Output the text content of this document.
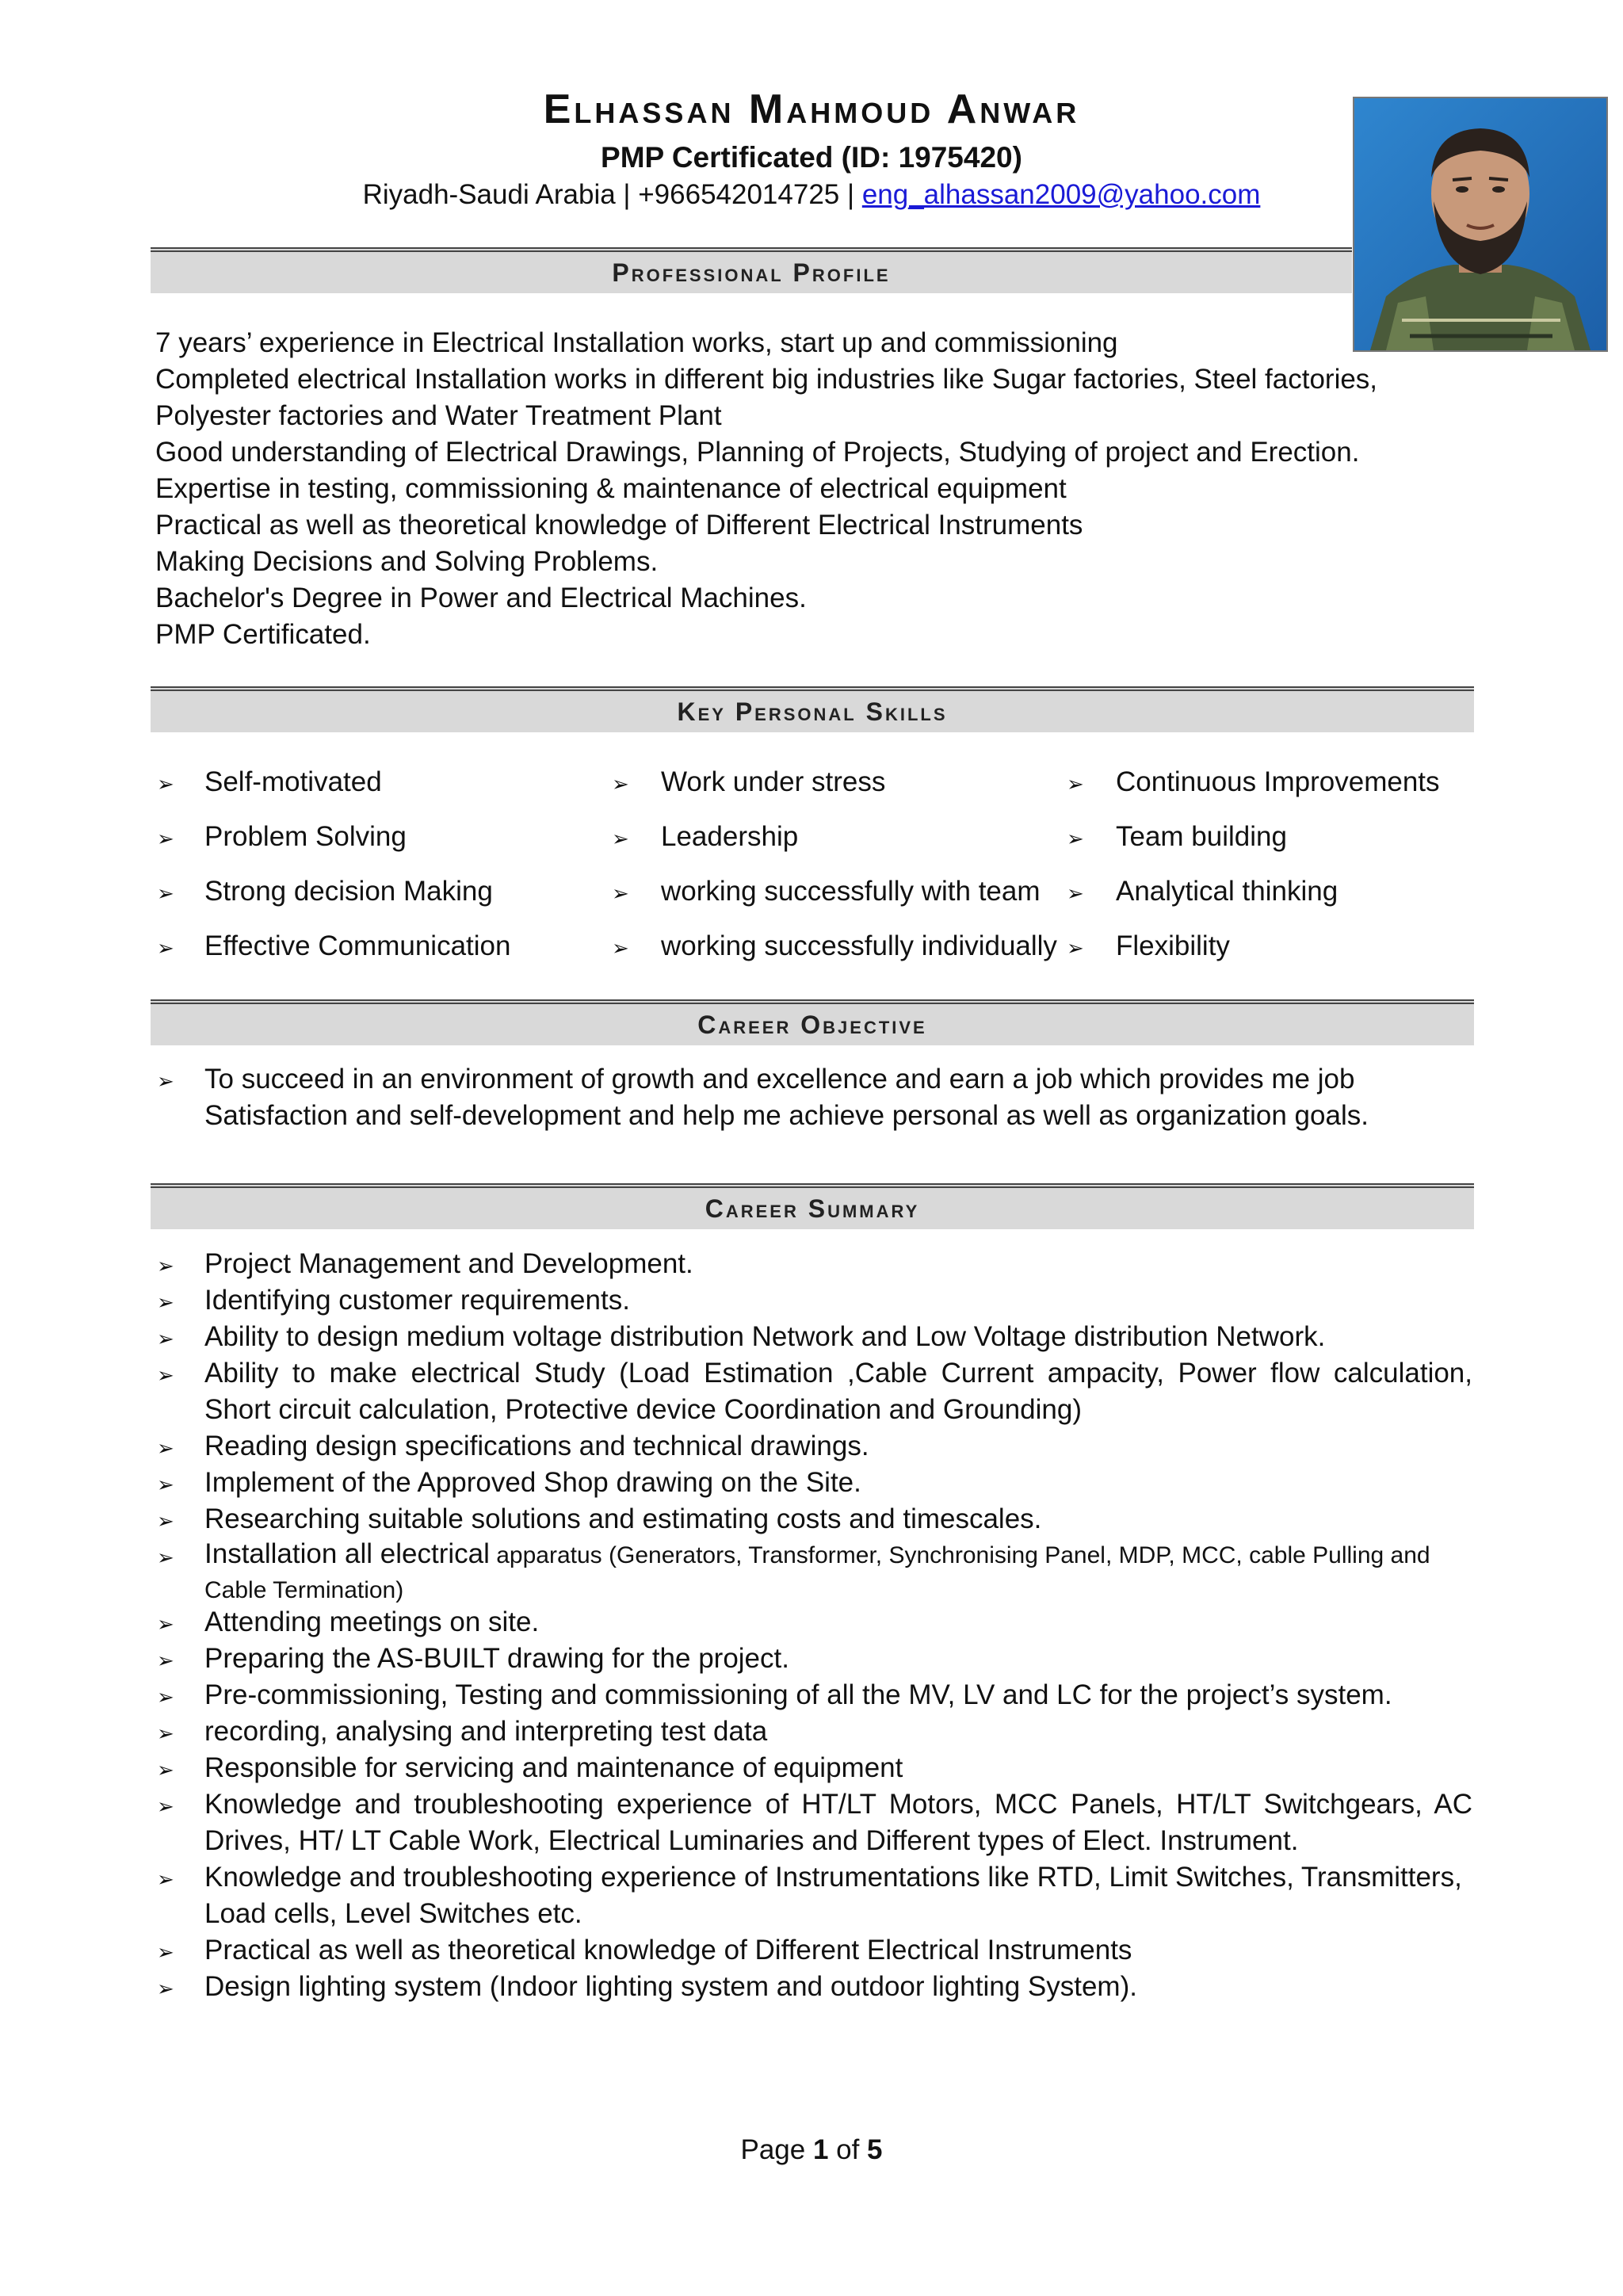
Elhassan Mahmoud Anwar
PMP Certificated (ID: 1975420)
Riyadh-Saudi Arabia | +966542014725 | eng_alhassan2009@yahoo.com
Professional Profile
7 years’ experience in Electrical Installation works, start up and commissioning
Completed electrical Installation works in different big industries like Sugar factories, Steel factories,
Polyester factories and Water Treatment Plant
Good understanding of Electrical Drawings, Planning of Projects, Studying of project and Erection.
Expertise in testing, commissioning & maintenance of electrical equipment
Practical as well as theoretical knowledge of Different Electrical Instruments
Making Decisions and Solving Problems.
Bachelor's Degree in Power and Electrical Machines.
PMP Certificated.
Key Personal Skills
➢ Self-motivated
➢ Problem Solving
➢ Strong decision Making
➢ Effective Communication
➢ Work under stress
➢ Leadership
➢ working successfully with team
➢ working successfully individually
➢ Continuous Improvements
➢ Team building
➢ Analytical thinking
➢ Flexibility
Career Objective
➢ To succeed in an environment of growth and excellence and earn a job which provides me job
Satisfaction and self-development and help me achieve personal as well as organization goals.
Career Summary
➢ Project Management and Development.
➢ Identifying customer requirements.
➢ Ability to design medium voltage distribution Network and Low Voltage distribution Network.
➢ Ability to make electrical Study (Load Estimation ,Cable Current ampacity, Power flow calculation, Short circuit calculation, Protective device Coordination and Grounding)
➢ Reading design specifications and technical drawings.
➢ Implement of the Approved Shop drawing on the Site.
➢ Researching suitable solutions and estimating costs and timescales.
➢ Installation all electrical apparatus (Generators, Transformer, Synchronising Panel, MDP, MCC, cable Pulling and Cable Termination)
➢ Attending meetings on site.
➢ Preparing the AS-BUILT drawing for the project.
➢ Pre-commissioning, Testing and commissioning of all the MV, LV and LC for the project’s system.
➢ recording, analysing and interpreting test data
➢ Responsible for servicing and maintenance of equipment
➢ Knowledge and troubleshooting experience of HT/LT Motors, MCC Panels, HT/LT Switchgears, AC Drives, HT/ LT Cable Work, Electrical Luminaries and Different types of Elect. Instrument.
➢ Knowledge and troubleshooting experience of Instrumentations like RTD, Limit Switches, Transmitters, Load cells, Level Switches etc.
➢ Practical as well as theoretical knowledge of Different Electrical Instruments
➢ Design lighting system (Indoor lighting system and outdoor lighting System).
Page 1 of 5
